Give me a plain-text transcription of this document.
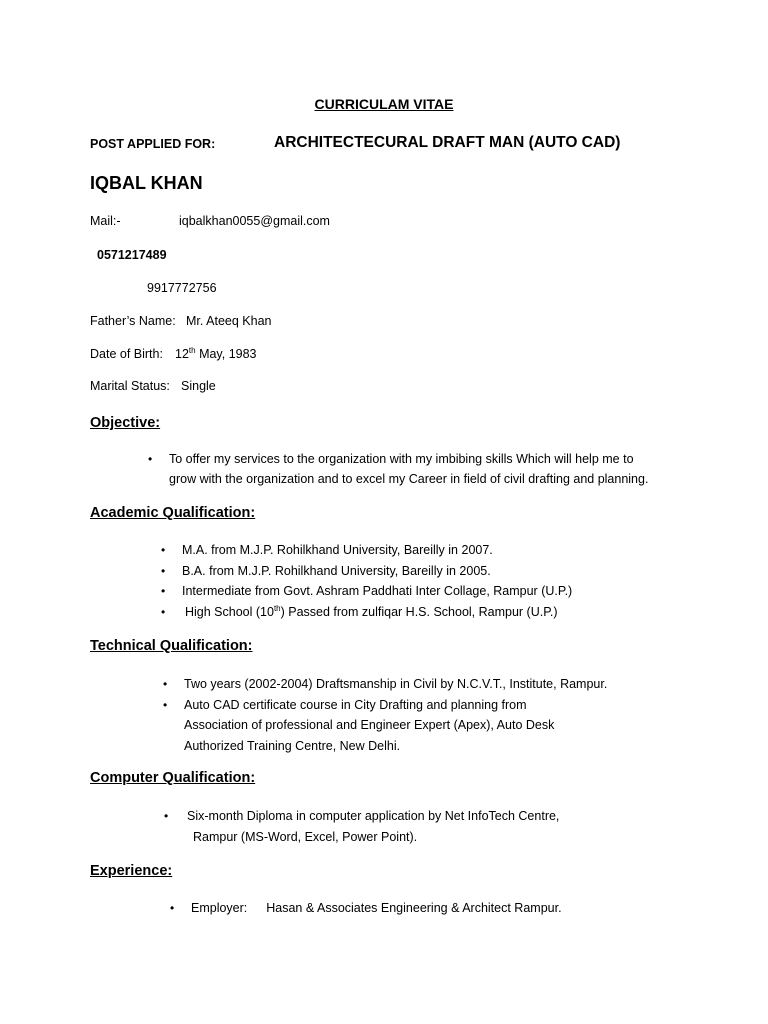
CURRICULAM VITAE
POST APPLIED FOR:	ARCHITECTECURAL DRAFT MAN (AUTO CAD)
IQBAL KHAN
Mail:-	iqbalkhan0055@gmail.com
0571217489
9917772756
Father’s Name: Mr. Ateeq Khan
Date of Birth: 12th May, 1983
Marital Status: Single
Objective:
• To offer my services to the organization with my imbibing skills Which will help me to
grow with the organization and to excel my Career in field of civil drafting and planning.
Academic Qualification:
• M.A. from M.J.P. Rohilkhand University, Bareilly in 2007.
• B.A. from M.J.P. Rohilkhand University, Bareilly in 2005.
• Intermediate from Govt. Ashram Paddhati Inter Collage, Rampur (U.P.)
• High School (10th) Passed from zulfiqar H.S. School, Rampur (U.P.)
Technical Qualification:
• Two years (2002-2004) Draftsmanship in Civil by N.C.V.T., Institute, Rampur.
• Auto CAD certificate course in City Drafting and planning from
Association of professional and Engineer Expert (Apex), Auto Desk
Authorized Training Centre, New Delhi.
Computer Qualification:
• Six-month Diploma in computer application by Net InfoTech Centre,
Rampur (MS-Word, Excel, Power Point).
Experience:
• Employer: Hasan & Associates Engineering & Architect Rampur.
